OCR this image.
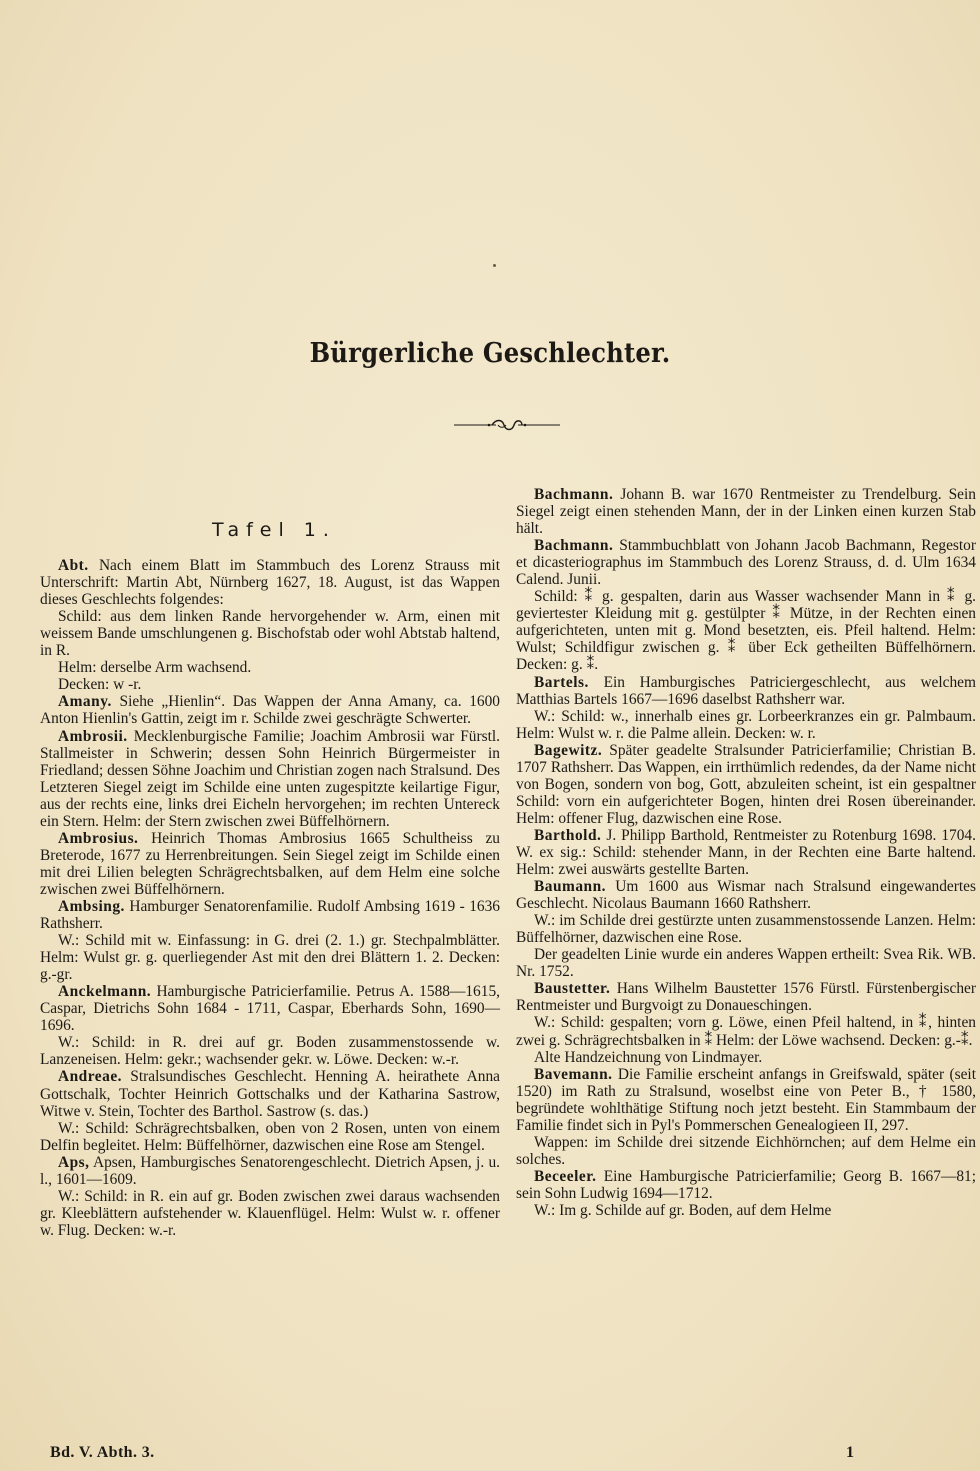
Bürgerliche Geschlechter.
Tafel 1.

Abt. Nach einem Blatt im Stammbuch des Lorenz Strauss mit Unterschrift: Martin Abt, Nürnberg 1627, 18. August, ist das Wappen dieses Geschlechts folgendes:

Schild: aus dem linken Rande hervorgehender w. Arm, einen mit weissem Bande umschlungenen g. Bischofstab oder wohl Abtstab haltend, in R.

Helm: derselbe Arm wachsend.

Decken: w -r.

Amany. Siehe „Hienlin“. Das Wappen der Anna Amany, ca. 1600 Anton Hienlin's Gattin, zeigt im r. Schilde zwei geschrägte Schwerter.

Ambrosii. Mecklenburgische Familie; Joachim Ambrosii war Fürstl. Stallmeister in Schwerin; dessen Sohn Heinrich Bürgermeister in Friedland; dessen Söhne Joachim und Christian zogen nach Stralsund. Des Letzteren Siegel zeigt im Schilde eine unten zugespitzte keilartige Figur, aus der rechts eine, links drei Eicheln hervorgehen; im rechten Untereck ein Stern. Helm: der Stern zwischen zwei Büffelhörnern.

Ambrosius. Heinrich Thomas Ambrosius 1665 Schultheiss zu Breterode, 1677 zu Herrenbreitungen. Sein Siegel zeigt im Schilde einen mit drei Lilien belegten Schrägrechtsbalken, auf dem Helm eine solche zwischen zwei Büffelhörnern.

Ambsing. Hamburger Senatorenfamilie. Rudolf Ambsing 1619 - 1636 Rathsherr.

W.: Schild mit w. Einfassung: in G. drei (2. 1.) gr. Stechpalmblätter. Helm: Wulst gr. g. querliegender Ast mit den drei Blättern 1. 2. Decken: g.-gr.

Anckelmann. Hamburgische Patricierfamilie. Petrus A. 1588—1615, Caspar, Dietrichs Sohn 1684 - 1711, Caspar, Eberhards Sohn, 1690—1696.

W.: Schild: in R. drei auf gr. Boden zusammenstossende w. Lanzeneisen. Helm: gekr.; wachsender gekr. w. Löwe. Decken: w.-r.

Andreae. Stralsundisches Geschlecht. Henning A. heirathete Anna Gottschalk, Tochter Heinrich Gottschalks und der Katharina Sastrow, Witwe v. Stein, Tochter des Barthol. Sastrow (s. das.)

W.: Schild: Schrägrechtsbalken, oben von 2 Rosen, unten von einem Delfin begleitet. Helm: Büffelhörner, dazwischen eine Rose am Stengel.

Aps, Apsen, Hamburgisches Senatorengeschlecht. Dietrich Apsen, j. u. l., 1601—1609.

W.: Schild: in R. ein auf gr. Boden zwischen zwei daraus wachsenden gr. Kleeblättern aufstehender w. Klauenflügel. Helm: Wulst w. r. offener w. Flug. Decken: w.-r.

Bachmann. Johann B. war 1670 Rentmeister zu Trendelburg. Sein Siegel zeigt einen stehenden Mann, der in der Linken einen kurzen Stab hält.

Bachmann. Stammbuchblatt von Johann Jacob Bachmann, Regestor et dicasteriographus im Stammbuch des Lorenz Strauss, d. d. Ulm 1634 Calend. Junii.

Schild: ⁑ g. gespalten, darin aus Wasser wachsender Mann in ⁑ g. geviertester Kleidung mit g. gestülpter ⁑ Mütze, in der Rechten einen aufgerichteten, unten mit g. Mond besetzten, eis. Pfeil haltend. Helm: Wulst; Schildfigur zwischen g. ⁑ über Eck getheilten Büffelhörnern. Decken: g. ⁑.

Bartels. Ein Hamburgisches Patriciergeschlecht, aus welchem Matthias Bartels 1667—1696 daselbst Rathsherr war.

W.: Schild: w., innerhalb eines gr. Lorbeerkranzes ein gr. Palmbaum. Helm: Wulst w. r. die Palme allein. Decken: w. r.

Bagewitz. Später geadelte Stralsunder Patricierfamilie; Christian B. 1707 Rathsherr. Das Wappen, ein irrthümlich redendes, da der Name nicht von Bogen, sondern von bog, Gott, abzuleiten scheint, ist ein gespaltner Schild: vorn ein aufgerichteter Bogen, hinten drei Rosen übereinander. Helm: offener Flug, dazwischen eine Rose.

Barthold. J. Philipp Barthold, Rentmeister zu Rotenburg 1698. 1704. W. ex sig.: Schild: stehender Mann, in der Rechten eine Barte haltend. Helm: zwei auswärts gestellte Barten.

Baumann. Um 1600 aus Wismar nach Stralsund eingewandertes Geschlecht. Nicolaus Baumann 1660 Rathsherr.

W.: im Schilde drei gestürzte unten zusammenstossende Lanzen. Helm: Büffelhörner, dazwischen eine Rose.

Der geadelten Linie wurde ein anderes Wappen ertheilt: Svea Rik. WB. Nr. 1752.

Baustetter. Hans Wilhelm Baustetter 1576 Fürstl. Fürstenbergischer Rentmeister und Burgvoigt zu Donaueschingen.

W.: Schild: gespalten; vorn g. Löwe, einen Pfeil haltend, in ⁑, hinten zwei g. Schrägrechtsbalken in ⁑ Helm: der Löwe wachsend. Decken: g.-⁑.

Alte Handzeichnung von Lindmayer.

Bavemann. Die Familie erscheint anfangs in Greifswald, später (seit 1520) im Rath zu Stralsund, woselbst eine von Peter B., † 1580, begründete wohlthätige Stiftung noch jetzt besteht. Ein Stammbaum der Familie findet sich in Pyl's Pommerschen Genealogieen II, 297.

Wappen: im Schilde drei sitzende Eichhörnchen; auf dem Helme ein solches.

Beceeler. Eine Hamburgische Patricierfamilie; Georg B. 1667—81; sein Sohn Ludwig 1694—1712.

W.: Im g. Schilde auf gr. Boden, auf dem Helme

Bd. V. Abth. 3.	1
